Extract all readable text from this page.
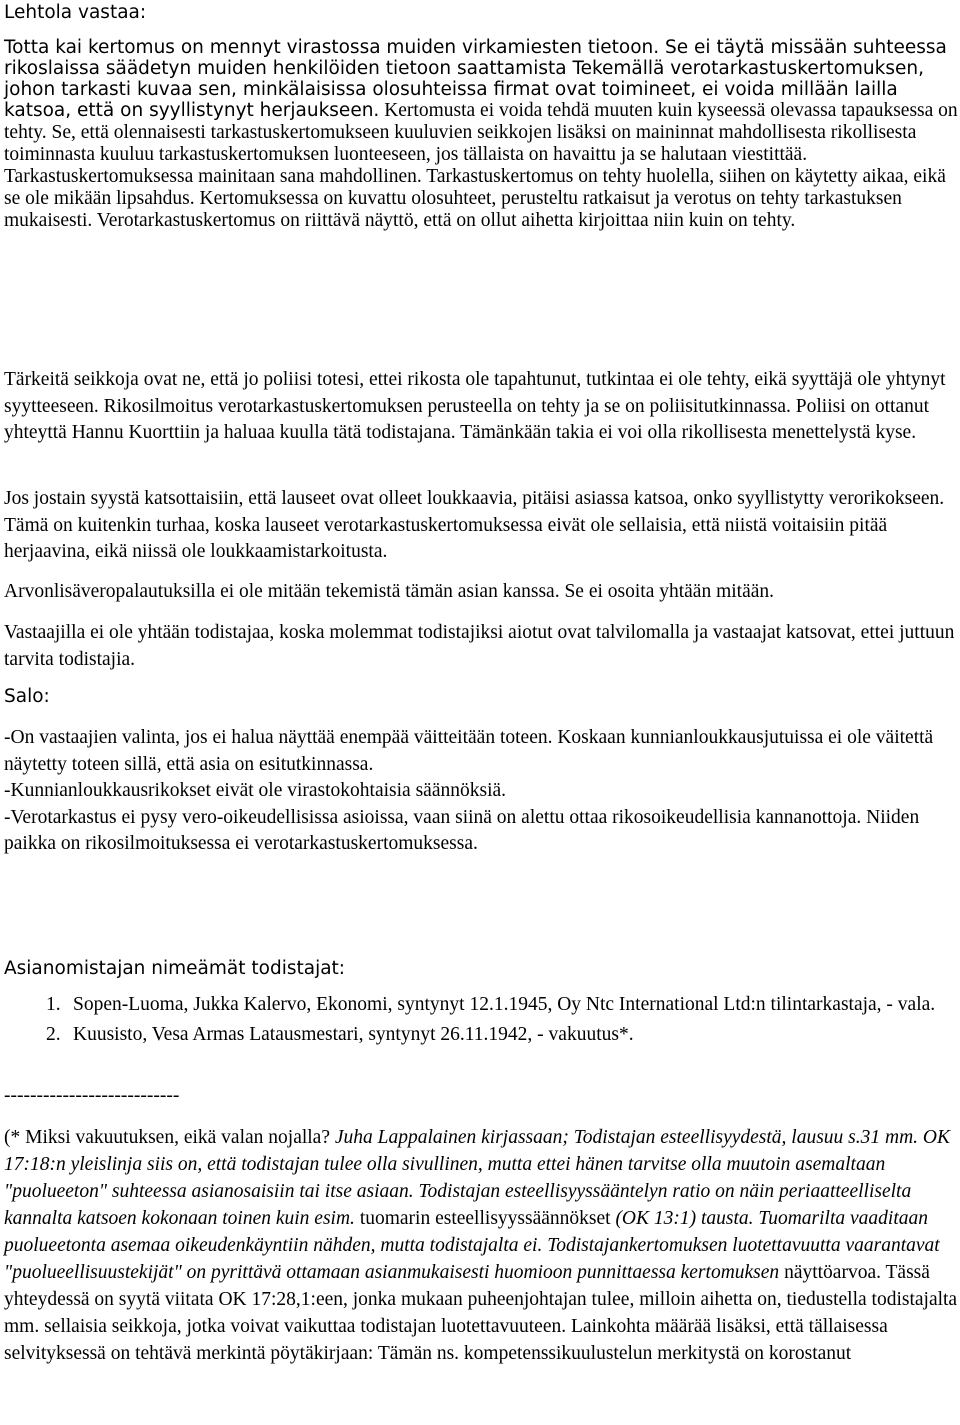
Lehtola vastaa:

Totta kai kertomus on mennyt virastossa muiden virkamiesten tietoon. Se ei täytä missään suhteessa rikoslaissa säädetyn muiden henkilöiden tietoon saattamista Tekemällä verotarkastuskertomuksen, johon tarkasti kuvaa sen, minkälaisissa olosuhteissa firmat ovat toimineet, ei voida millään lailla katsoa, että on syyllistynyt herjaukseen. Kertomusta ei voida tehdä muuten kuin kyseessä olevassa tapauksessa on tehty. Se, että olennaisesti tarkastuskertomukseen kuuluvien seikkojen lisäksi on maininnat mahdollisesta rikollisesta toiminnasta kuuluu tarkastuskertomuksen luonteeseen, jos tällaista on havaittu ja se halutaan viestittää. Tarkastuskertomuksessa mainitaan sana mahdollinen. Tarkastuskertomus on tehty huolella, siihen on käytetty aikaa, eikä se ole mikään lipsahdus. Kertomuksessa on kuvattu olosuhteet, perusteltu ratkaisut ja verotus on tehty tarkastuksen mukaisesti. Verotarkastuskertomus on riittävä näyttö, että on ollut aihetta kirjoittaa niin kuin on tehty.

Tärkeitä seikkoja ovat ne, että jo poliisi totesi, ettei rikosta ole tapahtunut, tutkintaa ei ole tehty, eikä syyttäjä ole yhtynyt syytteeseen. Rikosilmoitus verotarkastuskertomuksen perusteella on tehty ja se on poliisitutkinnassa. Poliisi on ottanut yhteyttä Hannu Kuorttiin ja haluaa kuulla tätä todistajana. Tämänkään takia ei voi olla rikollisesta menettelystä kyse.

Jos jostain syystä katsottaisiin, että lauseet ovat olleet loukkaavia, pitäisi asiassa katsoa, onko syyllistytty verorikokseen. Tämä on kuitenkin turhaa, koska lauseet verotarkastuskertomuksessa eivät ole sellaisia, että niistä voitaisiin pitää herjaavina, eikä niissä ole loukkaamistarkoitusta.

Arvonlisäveropalautuksilla ei ole mitään tekemistä tämän asian kanssa. Se ei osoita yhtään mitään.

Vastaajilla ei ole yhtään todistajaa, koska molemmat todistajiksi aiotut ovat talvilomalla ja vastaajat katsovat, ettei juttuun tarvita todistajia.

Salo:

-On vastaajien valinta, jos ei halua näyttää enempää väitteitään toteen. Koskaan kunnianloukkausjutuissa ei ole väitettä näytetty toteen sillä, että asia on esitutkinnassa.

-Kunnianloukkausrikokset eivät ole virastokohtaisia säännöksiä.

-Verotarkastus ei pysy vero-oikeudellisissa asioissa, vaan siinä on alettu ottaa rikosoikeudellisia kannanottoja. Niiden paikka on rikosilmoituksessa ei verotarkastuskertomuksessa.

Asianomistajan nimeämät todistajat:
1. Sopen-Luoma, Jukka Kalervo, Ekonomi, syntynyt 12.1.1945, Oy Ntc International Ltd:n tilintarkastaja, - vala.
2. Kuusisto, Vesa Armas Latausmestari, syntynyt 26.11.1942, - vakuutus*.
---------------------------

(* Miksi vakuutuksen, eikä valan nojalla? Juha Lappalainen kirjassaan; Todistajan esteellisyydestä, lausuu s.31 mm. OK 17:18:n yleislinja siis on, että todistajan tulee olla sivullinen, mutta ettei hänen tarvitse olla muutoin asemaltaan "puolueeton" suhteessa asianosaisiin tai itse asiaan. Todistajan esteellisyyssääntelyn ratio on näin periaatteelliselta kannalta katsoen kokonaan toinen kuin esim. tuomarin esteellisyyssäännökset (OK 13:1) tausta. Tuomarilta vaaditaan puolueetonta asemaa oikeudenkäyntiin nähden, mutta todistajalta ei. Todistajankertomuksen luotettavuutta vaarantavat "puolueellisuustekijät" on pyrittävä ottamaan asianmukaisesti huomioon punnittaessa kertomuksen näyttöarvoa. Tässä yhteydessä on syytä viitata OK 17:28,1:een, jonka mukaan puheenjohtajan tulee, milloin aihetta on, tiedustella todistajalta mm. sellaisia seikkoja, jotka voivat vaikuttaa todistajan luotettavuuteen. Lainkohta määrää lisäksi, että tällaisessa selvityksessä on tehtävä merkintä pöytäkirjaan: Tämän ns. kompetenssikuulustelun merkitystä on korostanut
